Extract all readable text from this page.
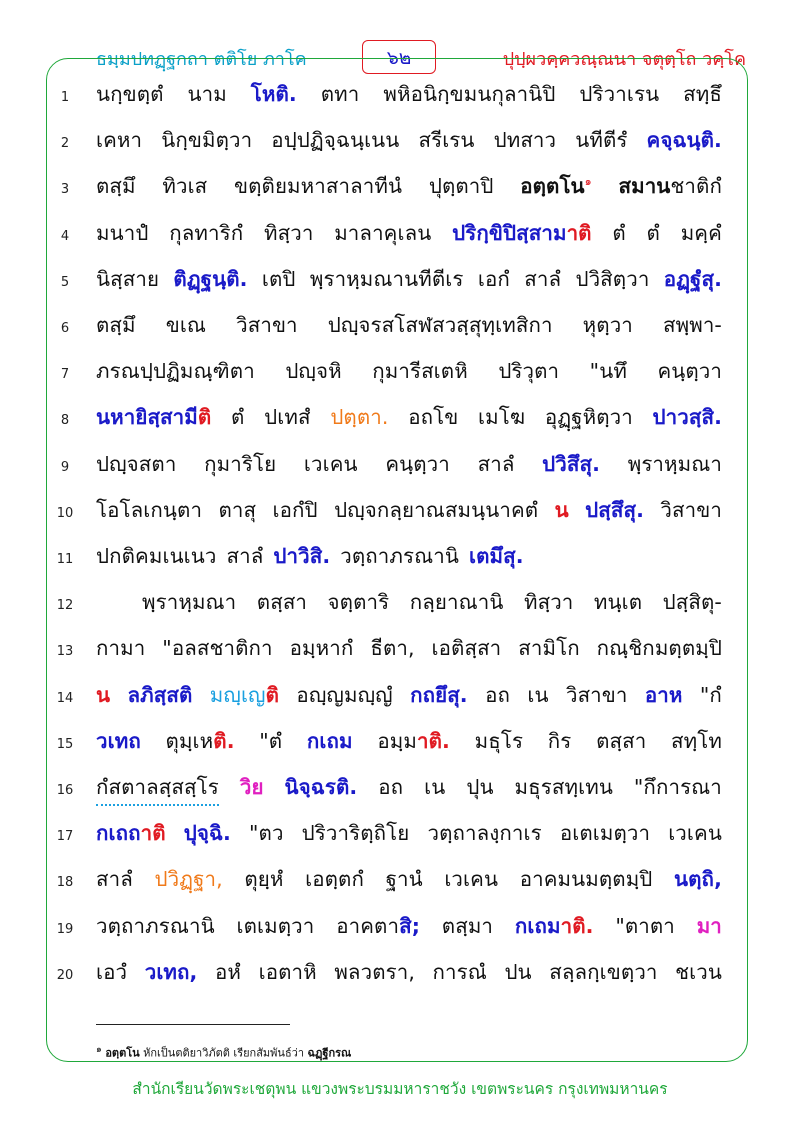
ธมฺมปทฏฺฐกถา ตติโย ภาโค	๖๒	ปุปฺผวคฺควณฺณนา จตุตฺโถ วคฺโค
1	นกฺขตฺตํ นาม โหติ. ตทา พหิอนิกฺขมนกุลานิปิ ปริวาเรน สทฺธึ
2	เคหา นิกฺขมิตฺวา อปฺปฏิจฺฉนฺเนน สรีเรน ปทสาว นทีตีรํ คจฺฉนฺติ.
3	ตสฺมึ ทิวเส ขตฺติยมหาสาลาทีนํ ปุตฺตาปิ อตฺตโน$^๑$ สมานชาติกํ
4	มนาปํ กุลทาริกํ ทิสฺวา มาลาคุเลน ปริกฺขิปิสฺสามาติ ตํ ตํ มคฺคํ
5	นิสฺสาย ติฏฺฐนฺติ. เตปิ พฺราหฺมณานทีตีเร เอกํ สาลํ ปวิสิตฺวา อฏฺฐํสุ.
6	ตสฺมึ ขเณ วิสาขา ปญฺจรสโสฬสวสฺสุทฺเทสิกา หุตฺวา สพฺพา-
7	ภรณปฺปฏิมณฺฑิตา ปญฺจหิ กุมารีสเตหิ ปริวุตา "นทึ คนฺตฺวา
8	นหายิสฺสามีติ ตํ ปเทสํ ปตฺตา. อถโข เมโฆ อุฏฺฐหิตฺวา ปาวสฺสิ.
9	ปญฺจสตา กุมาริโย เวเคน คนฺตฺวา สาลํ ปวิสึสุ. พฺราหฺมณา
10	โอโลเกนฺตา ตาสุ เอกํปิ ปญฺจกลฺยาณสมนฺนาคตํ น ปสฺสึสุ. วิสาขา
11	ปกติคมเนเนว สาลํ ปาวิสิ. วตฺถาภรณานิ เตมึสุ.
12	พฺราหฺมณา ตสฺสา จตฺตาริ กลฺยาณานิ ทิสฺวา ทนฺเต ปสฺสิตุ-
13	กามา "อลสชาติกา อมฺหากํ ธีตา, เอติสฺสา สามิโก กณฺชิกมตฺตมฺปิ
14	น ลภิสฺสติ มญฺเญติ อญฺญมญฺญํ กถยึสุ. อถ เน วิสาขา อาห "กํ
15	วเทถ ตุมฺเหติ. "ตํ กเถม อมฺมาติ. มธุโร กิร ตสฺสา สทฺโท
16	กํสตาลสฺสสฺโร วิย นิจฺฉรติ. อถ เน ปุน มธุรสทฺเทน "กึการณา
17	กเถถาติ ปุจฺฉิ. "ตว ปริวาริตฺถิโย วตฺถาลงฺกาเร อเตเมตฺวา เวเคน
18	สาลํ ปวิฏฺฐา, ตุยฺหํ เอตฺตกํ ฐานํ เวเคน อาคมนมตฺตมฺปิ นตฺถิ,
19	วตฺถาภรณานิ เตเมตฺวา อาคตาสิ; ตสฺมา กเถมาติ. "ตาตา มา
20	เอวํ วเทถ, อหํ เอตาหิ พลวตรา, การณํ ปน สลฺลกฺเขตฺวา ชเวน
$^๑$ อตฺตโน หักเป็นตติยาวิภัตติ เรียกสัมพันธ์ว่า ฉฏฺฐีกรณ
สำนักเรียนวัดพระเชตุพน แขวงพระบรมมหาราชวัง เขตพระนคร กรุงเทพมหานคร
